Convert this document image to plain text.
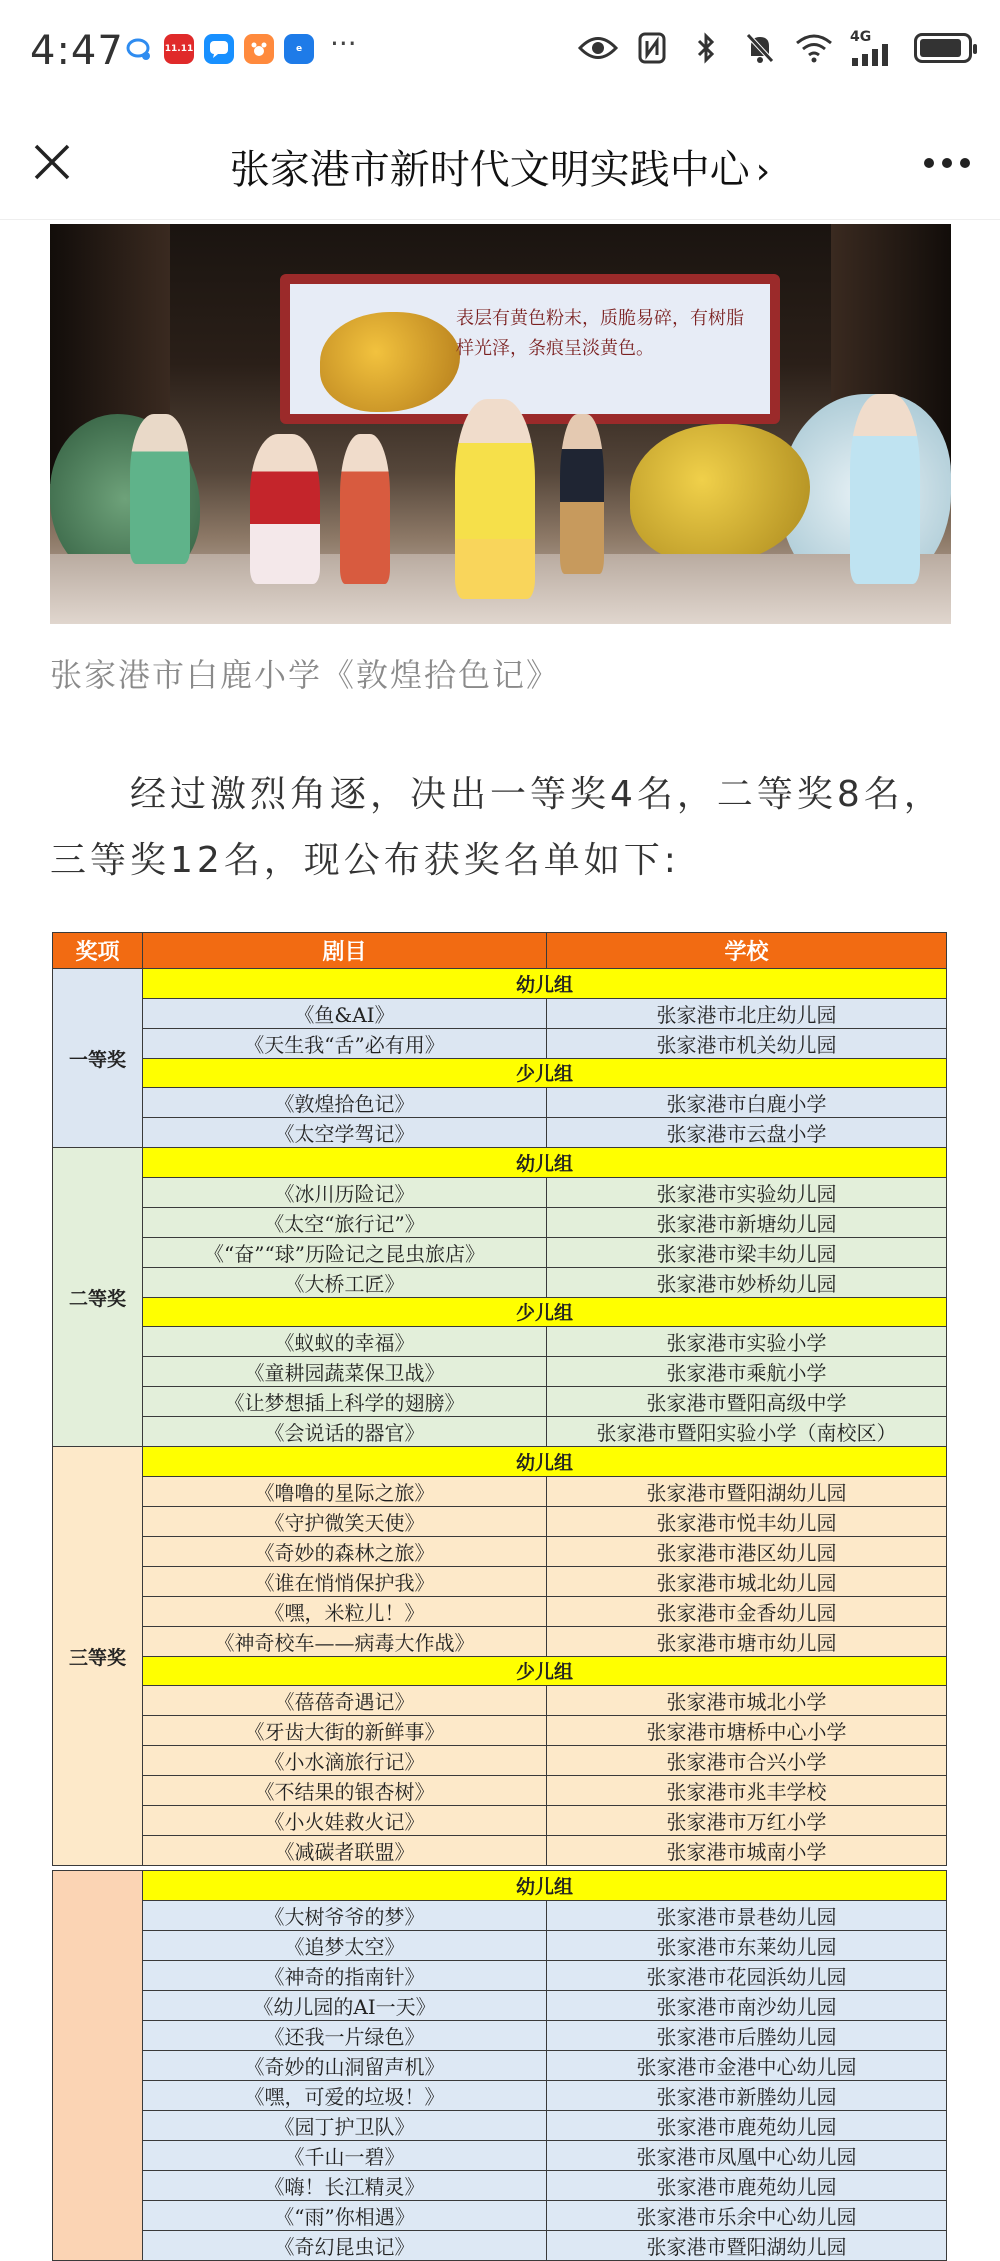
4:47	11.11	e ···	4G
张家港市新时代文明实践中心 ›
表层有黄色粉末，质脆易碎，有树脂样光泽，条痕呈淡黄色。
张家港市白鹿小学《敦煌拾色记》
经过激烈角逐，决出一等奖4名，二等奖8名，三等奖12名，现公布获奖名单如下:
奖项	剧目	学校
一等奖	幼儿组	
	《鱼&AI》	张家港市北庄幼儿园
	《天生我“舌”必有用》	张家港市机关幼儿园
	少儿组	
	《敦煌拾色记》	张家港市白鹿小学
	《太空学驾记》	张家港市云盘小学
二等奖	幼儿组	
	《冰川历险记》	张家港市实验幼儿园
	《太空“旅行记”》	张家港市新塘幼儿园
	《“奋”“球”历险记之昆虫旅店》	张家港市梁丰幼儿园
	《大桥工匠》	张家港市妙桥幼儿园
	少儿组	
	《蚁蚁的幸福》	张家港市实验小学
	《童耕园蔬菜保卫战》	张家港市乘航小学
	《让梦想插上科学的翅膀》	张家港市暨阳高级中学
	《会说话的器官》	张家港市暨阳实验小学（南校区）
三等奖	幼儿组	
	《噜噜的星际之旅》	张家港市暨阳湖幼儿园
	《守护微笑天使》	张家港市悦丰幼儿园
	《奇妙的森林之旅》	张家港市港区幼儿园
	《谁在悄悄保护我》	张家港市城北幼儿园
	《嘿，米粒儿！》	张家港市金香幼儿园
	《神奇校车——病毒大作战》	张家港市塘市幼儿园
	少儿组	
	《蓓蓓奇遇记》	张家港市城北小学
	《牙齿大街的新鲜事》	张家港市塘桥中心小学
	《小水滴旅行记》	张家港市合兴小学
	《不结果的银杏树》	张家港市兆丰学校
	《小火娃救火记》	张家港市万红小学
	《减碳者联盟》	张家港市城南小学
	幼儿组	
	《大树爷爷的梦》	张家港市景巷幼儿园
	《追梦太空》	张家港市东莱幼儿园
	《神奇的指南针》	张家港市花园浜幼儿园
	《幼儿园的AI一天》	张家港市南沙幼儿园
	《还我一片绿色》	张家港市后塍幼儿园
	《奇妙的山洞留声机》	张家港市金港中心幼儿园
	《嘿，可爱的垃圾！》	张家港市新塍幼儿园
	《园丁护卫队》	张家港市鹿苑幼儿园
	《千山一碧》	张家港市凤凰中心幼儿园
	《嗨！长江精灵》	张家港市鹿苑幼儿园
	《“雨”你相遇》	张家港市乐余中心幼儿园
	《奇幻昆虫记》	张家港市暨阳湖幼儿园
